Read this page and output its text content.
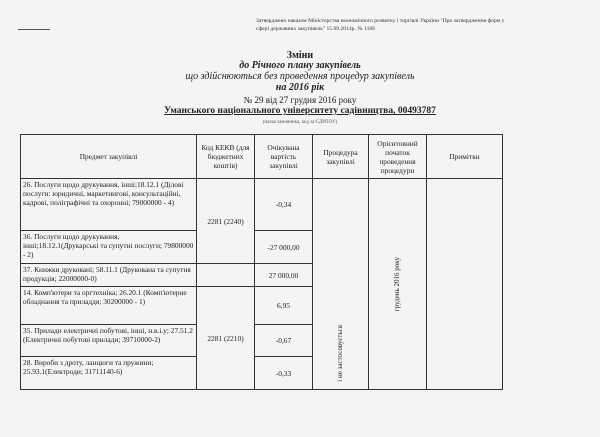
Затверджено наказом Міністерства економічного розвитку і торгівлі України "Про затвердження форм у
сфері державних закупівель" 15.09.2014р. № 1166
Зміни
до Річного плану закупівель
що здійснюються без проведення процедур закупівель
на 2016 рік
№ 29 від 27 грудня 2016 року
Уманського національного університету садівництва, 00493787
(назва замовника, код за ЄДРПОУ)
Предмет закупівлі	Код КЕКВ (для бюджетних коштів)	Очікувана вартість закупівлі	Процедура закупівлі	Орієнтовний початок проведення процедури	Примітки
26. Послуги щодо друкування, інші;18.12.1 (Ділові послуги: юридичні, маркетингові, консультаційні, кадрові, поліграфічні та охоронні; 79000000 - 4)	2281 (2240)	-0,34	і не застосовується	грудень 2016 року	

36. Послуги щодо друкування, інші;18.12.1(Друкарські та супутні послуги; 79800000 - 2)		-27 000,00			
37. Книжки друковані; 58.11.1 (Друкована та супутня продукція; 22000000-0)		27 000,00			
14. Комп'ютери та оргтехніка; 26.20.1 (Комп'ютерне обладнання та приладдя; 30200000 - 1)	2281 (2210)	6,95			
35. Прилади електричні побутові, інші, н.в.і.у; 27.51.2 (Електричні побутові прилади; 39710000-2)		-0,67			
28. Вироби з дроту, ланцюги та пружини; 25.93.1(Електроди; 31711140-6)		-0,33			
